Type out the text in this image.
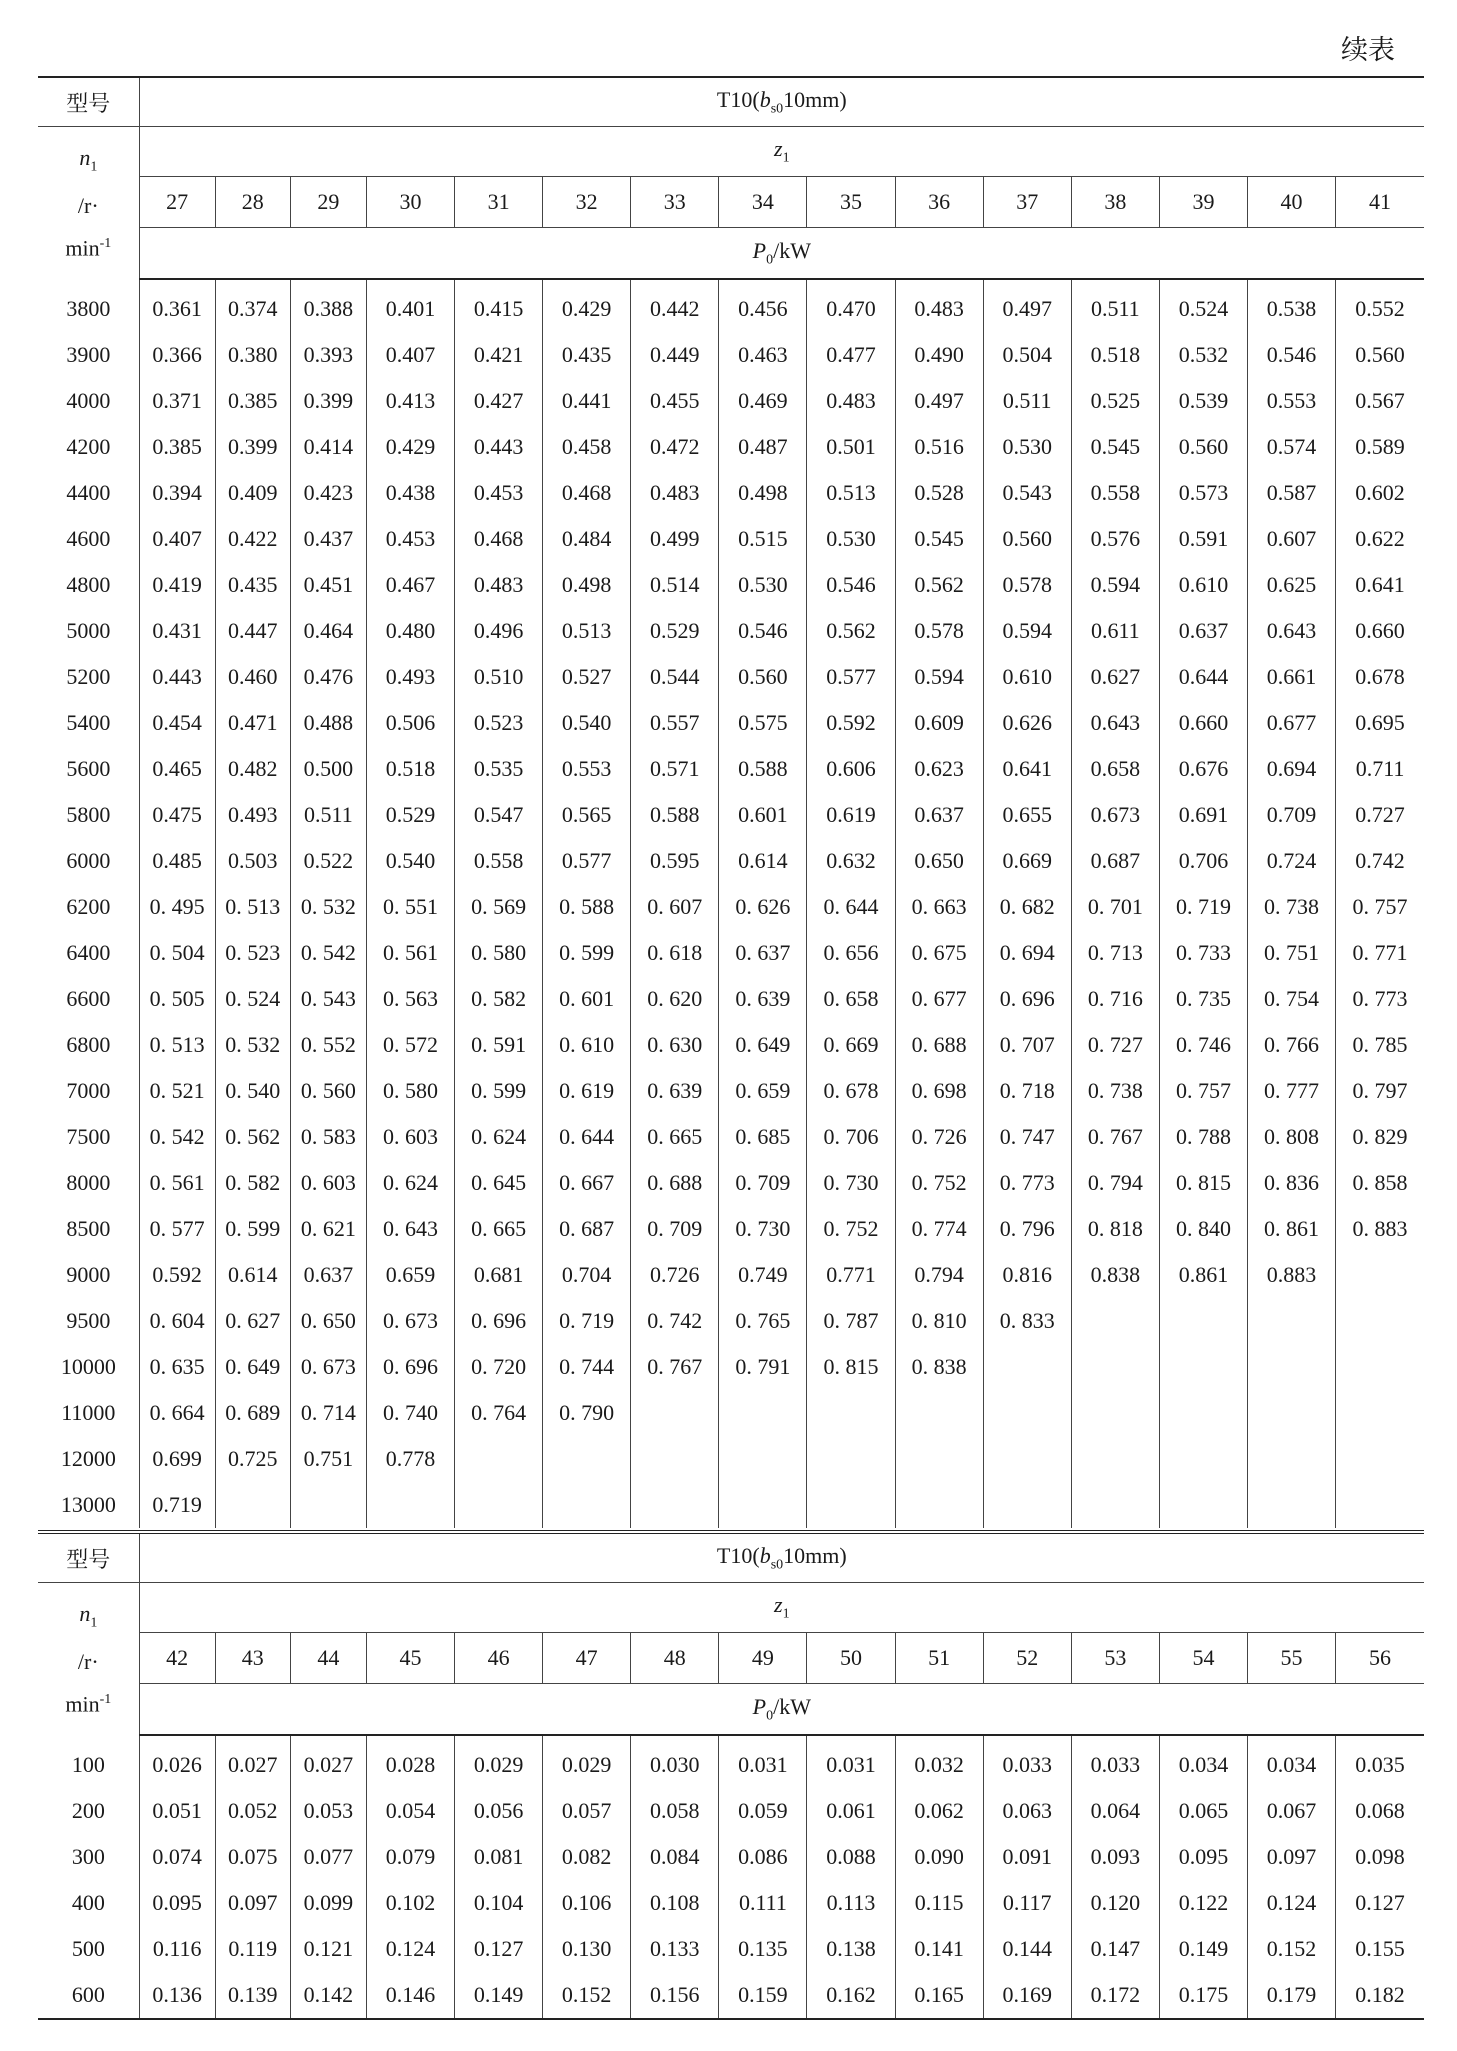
续表
型号	$T10(b_{s0}10mm)$														
$n_1$
/r·
$\min^{-1}$	$z_1$
	27	28	29	30	31	32	33	34	35	36	37	38	39	40	41
	$P_0/kW$														

3800	0.361	0.374	0.388	0.401	0.415	0.429	0.442	0.456	0.470	0.483	0.497	0.511	0.524	0.538	0.552
3900	0.366	0.380	0.393	0.407	0.421	0.435	0.449	0.463	0.477	0.490	0.504	0.518	0.532	0.546	0.560
4000	0.371	0.385	0.399	0.413	0.427	0.441	0.455	0.469	0.483	0.497	0.511	0.525	0.539	0.553	0.567
4200	0.385	0.399	0.414	0.429	0.443	0.458	0.472	0.487	0.501	0.516	0.530	0.545	0.560	0.574	0.589
4400	0.394	0.409	0.423	0.438	0.453	0.468	0.483	0.498	0.513	0.528	0.543	0.558	0.573	0.587	0.602
4600	0.407	0.422	0.437	0.453	0.468	0.484	0.499	0.515	0.530	0.545	0.560	0.576	0.591	0.607	0.622
4800	0.419	0.435	0.451	0.467	0.483	0.498	0.514	0.530	0.546	0.562	0.578	0.594	0.610	0.625	0.641
5000	0.431	0.447	0.464	0.480	0.496	0.513	0.529	0.546	0.562	0.578	0.594	0.611	0.637	0.643	0.660
5200	0.443	0.460	0.476	0.493	0.510	0.527	0.544	0.560	0.577	0.594	0.610	0.627	0.644	0.661	0.678
5400	0.454	0.471	0.488	0.506	0.523	0.540	0.557	0.575	0.592	0.609	0.626	0.643	0.660	0.677	0.695
5600	0.465	0.482	0.500	0.518	0.535	0.553	0.571	0.588	0.606	0.623	0.641	0.658	0.676	0.694	0.711
5800	0.475	0.493	0.511	0.529	0.547	0.565	0.588	0.601	0.619	0.637	0.655	0.673	0.691	0.709	0.727
6000	0.485	0.503	0.522	0.540	0.558	0.577	0.595	0.614	0.632	0.650	0.669	0.687	0.706	0.724	0.742
6200	0. 495	0. 513	0. 532	0. 551	0. 569	0. 588	0. 607	0. 626	0. 644	0. 663	0. 682	0. 701	0. 719	0. 738	0. 757
6400	0. 504	0. 523	0. 542	0. 561	0. 580	0. 599	0. 618	0. 637	0. 656	0. 675	0. 694	0. 713	0. 733	0. 751	0. 771
6600	0. 505	0. 524	0. 543	0. 563	0. 582	0. 601	0. 620	0. 639	0. 658	0. 677	0. 696	0. 716	0. 735	0. 754	0. 773
6800	0. 513	0. 532	0. 552	0. 572	0. 591	0. 610	0. 630	0. 649	0. 669	0. 688	0. 707	0. 727	0. 746	0. 766	0. 785
7000	0. 521	0. 540	0. 560	0. 580	0. 599	0. 619	0. 639	0. 659	0. 678	0. 698	0. 718	0. 738	0. 757	0. 777	0. 797
7500	0. 542	0. 562	0. 583	0. 603	0. 624	0. 644	0. 665	0. 685	0. 706	0. 726	0. 747	0. 767	0. 788	0. 808	0. 829
8000	0. 561	0. 582	0. 603	0. 624	0. 645	0. 667	0. 688	0. 709	0. 730	0. 752	0. 773	0. 794	0. 815	0. 836	0. 858
8500	0. 577	0. 599	0. 621	0. 643	0. 665	0. 687	0. 709	0. 730	0. 752	0. 774	0. 796	0. 818	0. 840	0. 861	0. 883
9000	0.592	0.614	0.637	0.659	0.681	0.704	0.726	0.749	0.771	0.794	0.816	0.838	0.861	0.883	
9500	0. 604	0. 627	0. 650	0. 673	0. 696	0. 719	0. 742	0. 765	0. 787	0. 810	0. 833				
10000	0. 635	0. 649	0. 673	0. 696	0. 720	0. 744	0. 767	0. 791	0. 815	0. 838					
11000	0. 664	0. 689	0. 714	0. 740	0. 764	0. 790									
12000	0.699	0.725	0.751	0.778											
13000	0.719														
型号	$T10(b_{s0}10mm)$														
$n_1$
/r·
$\min^{-1}$	$z_1$
	42	43	44	45	46	47	48	49	50	51	52	53	54	55	56
	$P_0/kW$														

100	0.026	0.027	0.027	0.028	0.029	0.029	0.030	0.031	0.031	0.032	0.033	0.033	0.034	0.034	0.035
200	0.051	0.052	0.053	0.054	0.056	0.057	0.058	0.059	0.061	0.062	0.063	0.064	0.065	0.067	0.068
300	0.074	0.075	0.077	0.079	0.081	0.082	0.084	0.086	0.088	0.090	0.091	0.093	0.095	0.097	0.098
400	0.095	0.097	0.099	0.102	0.104	0.106	0.108	0.111	0.113	0.115	0.117	0.120	0.122	0.124	0.127
500	0.116	0.119	0.121	0.124	0.127	0.130	0.133	0.135	0.138	0.141	0.144	0.147	0.149	0.152	0.155
600	0.136	0.139	0.142	0.146	0.149	0.152	0.156	0.159	0.162	0.165	0.169	0.172	0.175	0.179	0.182
